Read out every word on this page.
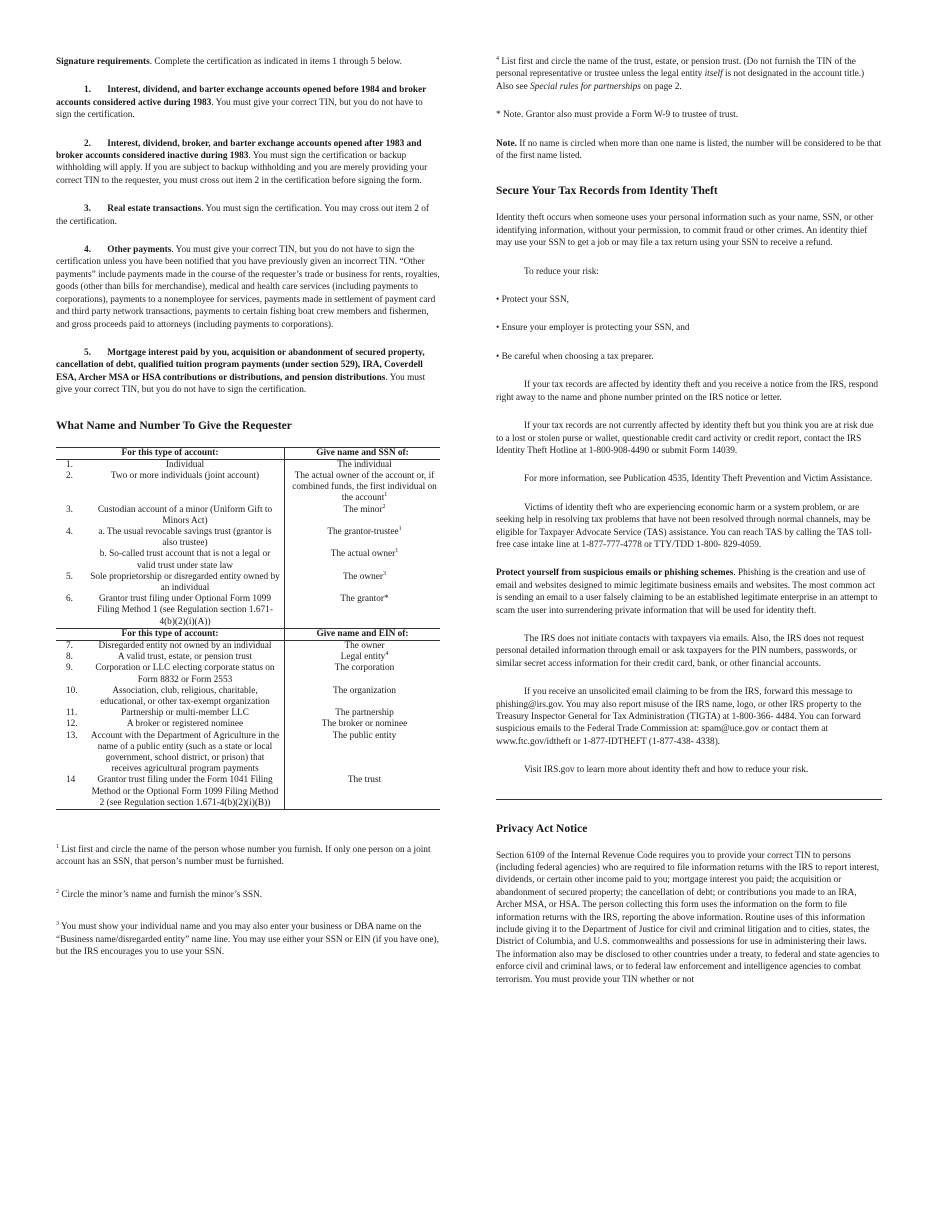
Signature requirements. Complete the certification as indicated in items 1 through 5 below.

1.       Interest, dividend, and barter exchange accounts opened before 1984 and broker accounts considered active during 1983. You must give your correct TIN, but you do not have to sign the certification.

2.       Interest, dividend, broker, and barter exchange accounts opened after 1983 and broker accounts considered inactive during 1983. You must sign the certification or backup withholding will apply. If you are subject to backup withholding and you are merely providing your correct TIN to the requester, you must cross out item 2 in the certification before signing the form.

3.       Real estate transactions. You must sign the certification. You may cross out item 2 of the certification.

4.       Other payments. You must give your correct TIN, but you do not have to sign the certification unless you have been notified that you have previously given an incorrect TIN. “Other payments” include payments made in the course of the requester’s trade or business for rents, royalties, goods (other than bills for merchandise), medical and health care services (including payments to corporations), payments to a nonemployee for services, payments made in settlement of payment card and third party network transactions, payments to certain fishing boat crew members and fishermen, and gross proceeds paid to attorneys (including payments to corporations).

5.       Mortgage interest paid by you, acquisition or abandonment of secured property, cancellation of debt, qualified tuition program payments (under section 529), IRA, Coverdell ESA, Archer MSA or HSA contributions or distributions, and pension distributions. You must give your correct TIN, but you do not have to sign the certification.

What Name and Number To Give the Requester
For this type of account:		Give name and SSN of:
1.	Individual	The individual
2.	Two or more individuals (joint account)	The actual owner of the account or, if combined funds, the first individual on the account$^1$
3.	Custodian account of a minor (Uniform Gift to Minors Act)	The minor$^2$
4.	a. The usual revocable savings trust (grantor is also trustee)	The grantor-trustee$^1$
	b. So-called trust account that is not a legal or valid trust under state law	The actual owner$^1$
5.	Sole proprietorship or disregarded entity owned by an individual	The owner$^3$
6.	Grantor trust filing under Optional Form 1099 Filing Method 1 (see Regulation section 1.671-4(b)(2)(i)(A))	The grantor*
For this type of account:		Give name and EIN of:
7.	Disregarded entity not owned by an individual	The owner
8.	A valid trust, estate, or pension trust	Legal entity$^4$
9.	Corporation or LLC electing corporate status on Form 8832 or Form 2553	The corporation
10.	Association, club, religious, charitable, educational, or other tax-exempt organization	The organization
11.	Partnership or multi-member LLC	The partnership
12.	A broker or registered nominee	The broker or nominee
13.	Account with the Department of Agriculture in the name of a public entity (such as a state or local government, school district, or prison) that receives agricultural program payments	The public entity
14	Grantor trust filing under the Form 1041 Filing Method or the Optional Form 1099 Filing Method 2 (see Regulation section 1.671-4(b)(2)(i)(B))	The trust

$^1$ List first and circle the name of the person whose number you furnish. If only one person on a joint account has an SSN, that person’s number must be furnished.

$^2$ Circle the minor’s name and furnish the minor’s SSN.

$^3$ You must show your individual name and you may also enter your business or DBA name on the “Business name/disregarded entity” name line. You may use either your SSN or EIN (if you have one), but the IRS encourages you to use your SSN.

$^4$ List first and circle the name of the trust, estate, or pension trust. (Do not furnish the TIN of the personal representative or trustee unless the legal entity itself is not designated in the account title.) Also see Special rules for partnerships on page 2.

* Note. Grantor also must provide a Form W-9 to trustee of trust.

Note. If no name is circled when more than one name is listed, the number will be considered to be that of the first name listed.

Secure Your Tax Records from Identity Theft

Identity theft occurs when someone uses your personal information such as your name, SSN, or other identifying information, without your permission, to commit fraud or other crimes. An identity thief may use your SSN to get a job or may file a tax return using your SSN to receive a refund.

To reduce your risk:

• Protect your SSN,

• Ensure your employer is protecting your SSN, and

• Be careful when choosing a tax preparer.

If your tax records are affected by identity theft and you receive a notice from the IRS, respond right away to the name and phone number printed on the IRS notice or letter.

If your tax records are not currently affected by identity theft but you think you are at risk due to a lost or stolen purse or wallet, questionable credit card activity or credit report, contact the IRS Identity Theft Hotline at 1-800-908-4490 or submit Form 14039.

For more information, see Publication 4535, Identity Theft Prevention and Victim Assistance.

Victims of identity theft who are experiencing economic harm or a system problem, or are seeking help in resolving tax problems that have not been resolved through normal channels, may be eligible for Taxpayer Advocate Service (TAS) assistance. You can reach TAS by calling the TAS toll-free case intake line at 1-877-777-4778 or TTY/TDD 1-800- 829-4059.

Protect yourself from suspicious emails or phishing schemes. Phishing is the creation and use of email and websites designed to mimic legitimate business emails and websites. The most common act is sending an email to a user falsely claiming to be an established legitimate enterprise in an attempt to scam the user into surrendering private information that will be used for identity theft.

The IRS does not initiate contacts with taxpayers via emails. Also, the IRS does not request personal detailed information through email or ask taxpayers for the PIN numbers, passwords, or similar secret access information for their credit card, bank, or other financial accounts.

If you receive an unsolicited email claiming to be from the IRS, forward this message to phishing@irs.gov. You may also report misuse of the IRS name, logo, or other IRS property to the Treasury Inspector General for Tax Administration (TIGTA) at 1-800-366- 4484. You can forward suspicious emails to the Federal Trade Commission at: spam@uce.gov or contact them at www.ftc.gov/idtheft or 1-877-IDTHEFT (1-877-438- 4338).

Visit IRS.gov to learn more about identity theft and how to reduce your risk.

Privacy Act Notice

Section 6109 of the Internal Revenue Code requires you to provide your correct TIN to persons (including federal agencies) who are required to file information returns with the IRS to report interest, dividends, or certain other income paid to you; mortgage interest you paid; the acquisition or abandonment of secured property; the cancellation of debt; or contributions you made to an IRA, Archer MSA, or HSA. The person collecting this form uses the information on the form to file information returns with the IRS, reporting the above information. Routine uses of this information include giving it to the Department of Justice for civil and criminal litigation and to cities, states, the District of Columbia, and U.S. commonwealths and possessions for use in administering their laws. The information also may be disclosed to other countries under a treaty, to federal and state agencies to enforce civil and criminal laws, or to federal law enforcement and intelligence agencies to combat terrorism. You must provide your TIN whether or not
